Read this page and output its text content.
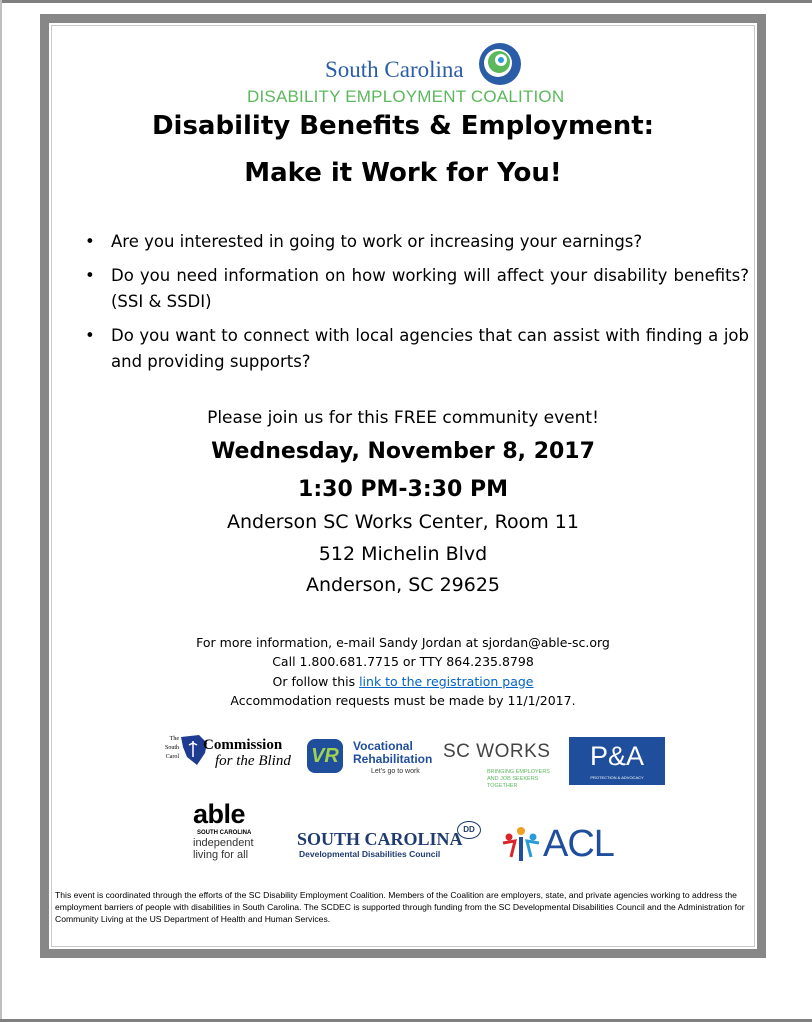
South Carolina
DISABILITY EMPLOYMENT COALITION
Disability Benefits & Employment:
Make it Work for You!
• Are you interested in going to work or increasing your earnings?
• Do you need information on how working will affect your disability benefits? (SSI & SSDI)
• Do you want to connect with local agencies that can assist with finding a job and providing supports?
Please join us for this FREE community event!
Wednesday, November 8, 2017
1:30 PM-3:30 PM
Anderson SC Works Center, Room 11
512 Michelin Blvd
Anderson, SC 29625
For more information, e-mail Sandy Jordan at sjordan@able-sc.org
Call 1.800.681.7715 or TTY 864.235.8798
Or follow this link to the registration page
Accommodation requests must be made by 11/1/2017.
The
South
Carol
Commission
for the Blind VR	Vocational
Rehabilitation
Let's go to work
SC WORKS
BRINGING EMPLOYERS
AND JOB SEEKERS TOGETHER
P&A
PROTECTION & ADVOCACY
able
SOUTH CAROLINA
independent
living for all
SOUTH CAROLINA DD
Developmental Disabilities Council	ACL
This event is coordinated through the efforts of the SC Disability Employment Coalition. Members of the Coalition are employers, state, and private agencies working to address the employment barriers of people with disabilities in South Carolina. The SCDEC is supported through funding from the SC Developmental Disabilities Council and the Administration for Community Living at the US Department of Health and Human Services.
